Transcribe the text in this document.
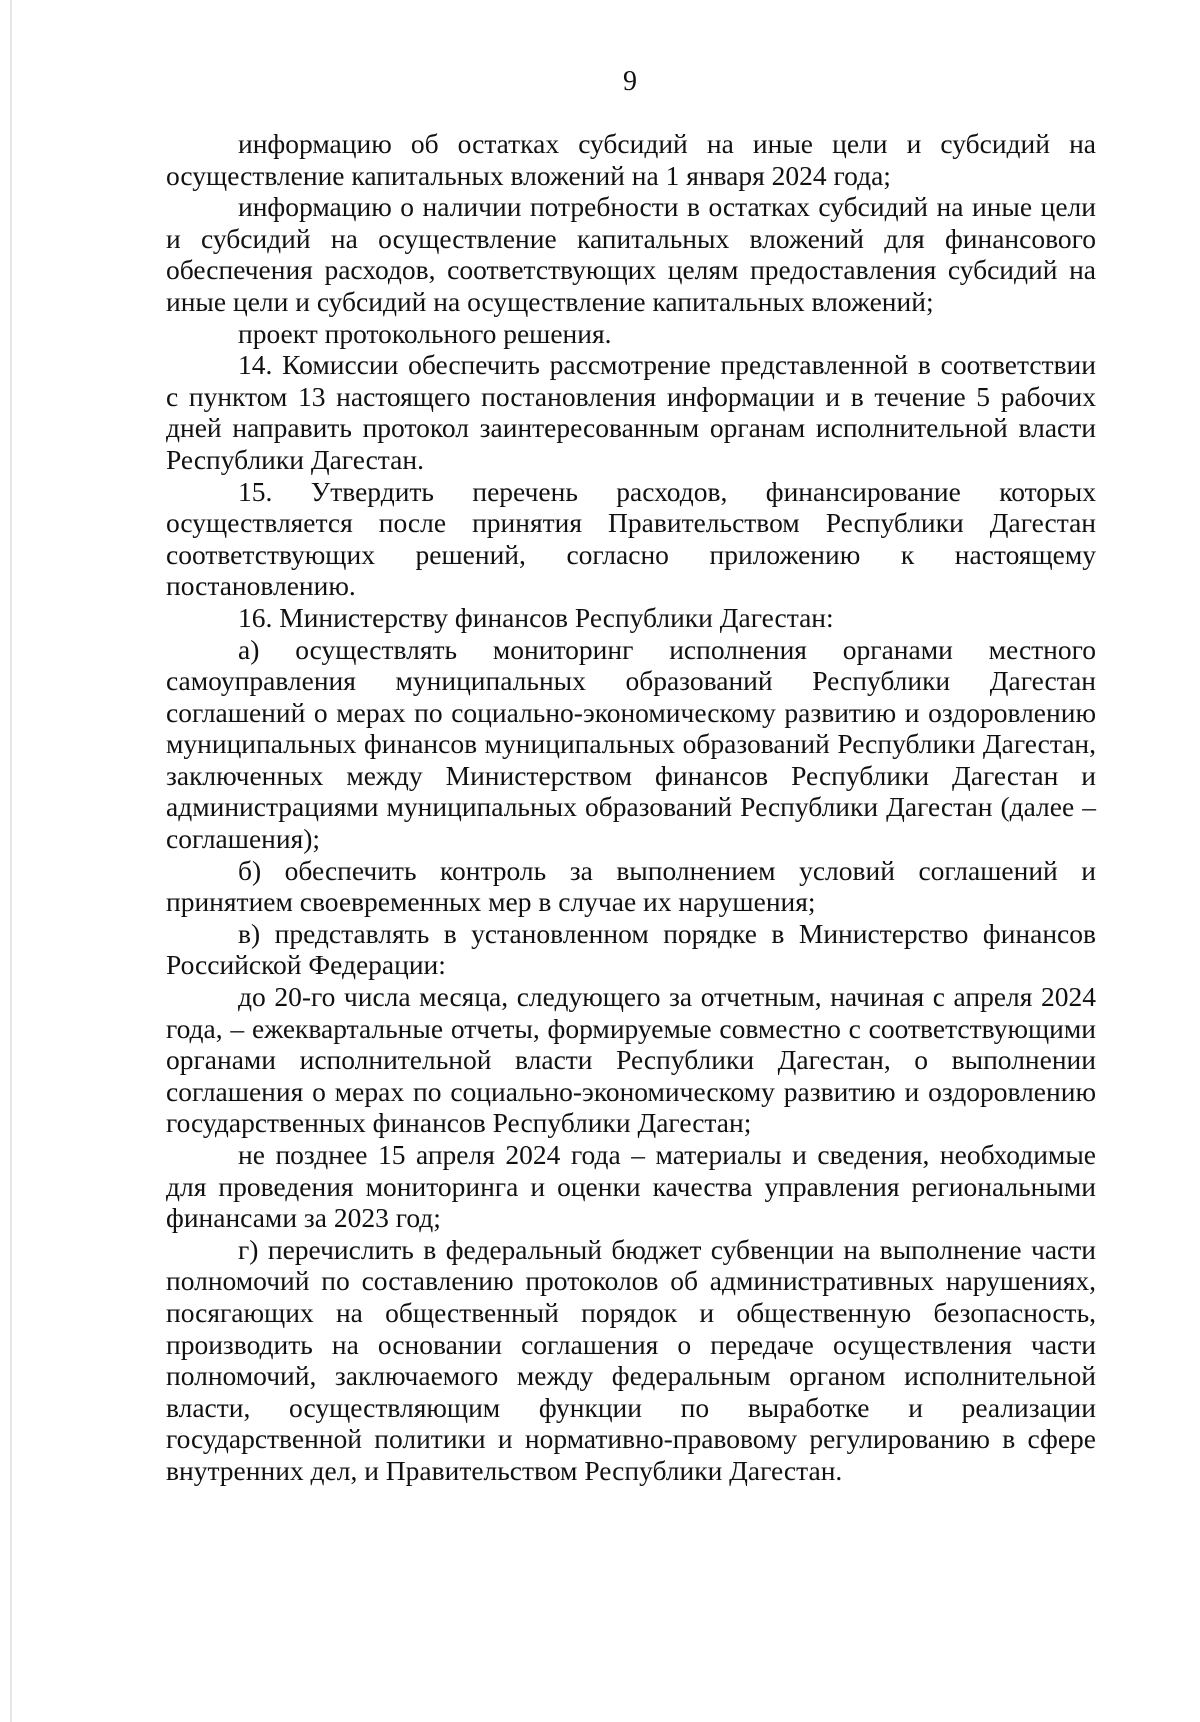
9

информацию об остатках субсидий на иные цели и субсидий на осуществление капитальных вложений на 1 января 2024 года;

информацию о наличии потребности в остатках субсидий на иные цели и субсидий на осуществление капитальных вложений для финансового обеспечения расходов, соответствующих целям предоставления субсидий на иные цели и субсидий на осуществление капитальных вложений;

проект протокольного решения.

14. Комиссии обеспечить рассмотрение представленной в соответствии с пунктом 13 настоящего постановления информации и в течение 5 рабочих дней направить протокол заинтересованным органам исполнительной власти Республики Дагестан.

15. Утвердить перечень расходов, финансирование которых осуществляется после принятия Правительством Республики Дагестан соответствующих решений, согласно приложению к настоящему постановлению.

16. Министерству финансов Республики Дагестан:

а) осуществлять мониторинг исполнения органами местного самоуправления муниципальных образований Республики Дагестан соглашений о мерах по социально-экономическому развитию и оздоровлению муниципальных финансов муниципальных образований Республики Дагестан, заключенных между Министерством финансов Республики Дагестан и администрациями муниципальных образований Республики Дагестан (далее – соглашения);

б) обеспечить контроль за выполнением условий соглашений и принятием своевременных мер в случае их нарушения;

в) представлять в установленном порядке в Министерство финансов Российской Федерации:

до 20-го числа месяца, следующего за отчетным, начиная с апреля 2024 года, – ежеквартальные отчеты, формируемые совместно с соответствующими органами исполнительной власти Республики Дагестан, о выполнении соглашения о мерах по социально-экономическому развитию и оздоровлению государственных финансов Республики Дагестан;

не позднее 15 апреля 2024 года – материалы и сведения, необходимые для проведения мониторинга и оценки качества управления региональными финансами за 2023 год;

г) перечислить в федеральный бюджет субвенции на выполнение части полномочий по составлению протоколов об административных нарушениях, посягающих на общественный порядок и общественную безопасность, производить на основании соглашения о передаче осуществления части полномочий, заключаемого между федеральным органом исполнительной власти, осуществляющим функции по выработке и реализации государственной политики и нормативно-правовому регулированию в сфере внутренних дел, и Правительством Республики Дагестан.
